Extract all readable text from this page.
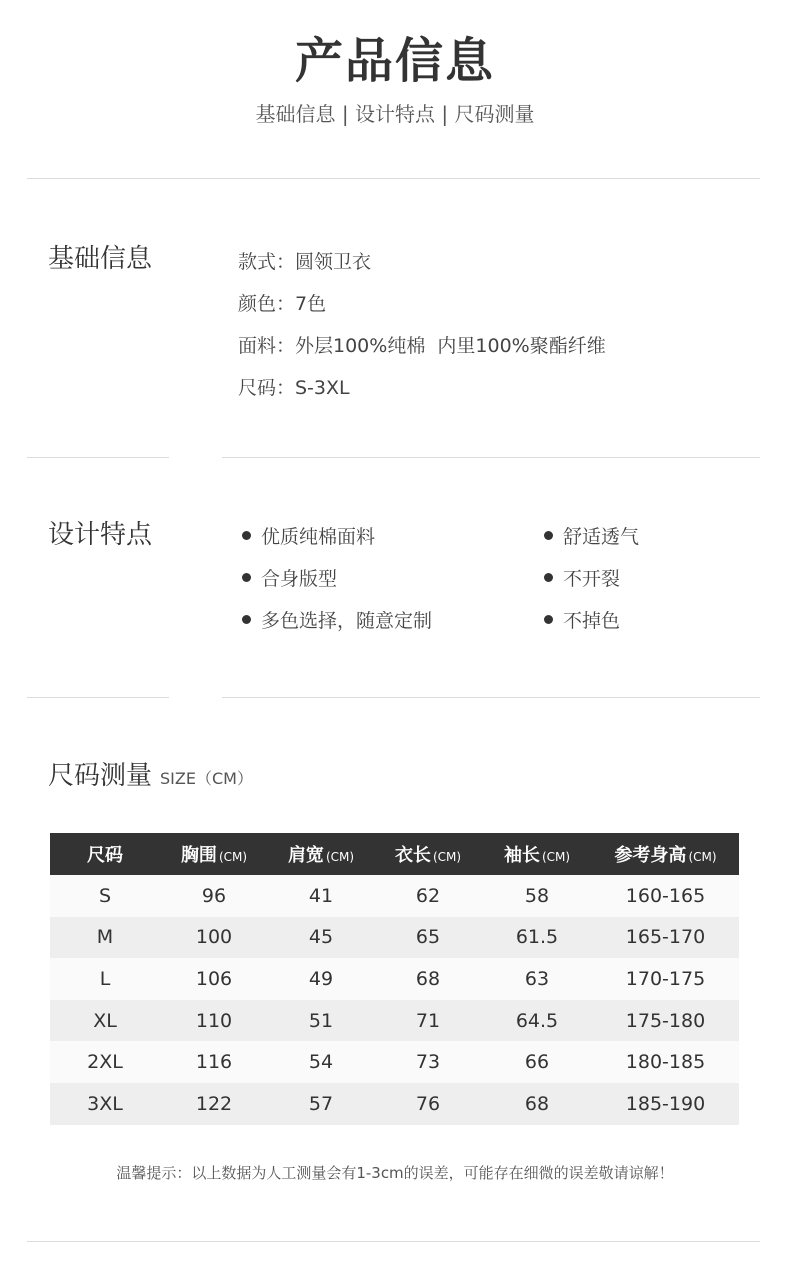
产品信息
基础信息 | 设计特点 | 尺码测量
基础信息	款式：圆领卫衣
颜色：7色
面料：外层100%纯棉  内里100%聚酯纤维
尺码：S-3XL
设计特点	优质纯棉面料
合身版型
多色选择，随意定制
舒适透气
不开裂
不掉色
尺码测量 SIZE（CM）
尺码	胸围 (CM)	肩宽 (CM)	衣长 (CM)	袖长 (CM)	参考身高 (CM)
S	96	41	62	58	160-165
M	100	45	65	61.5	165-170
L	106	49	68	63	170-175
XL	110	51	71	64.5	175-180
2XL	116	54	73	66	180-185
3XL	122	57	76	68	185-190
温馨提示：以上数据为人工测量会有1-3cm的误差，可能存在细微的误差敬请谅解！
